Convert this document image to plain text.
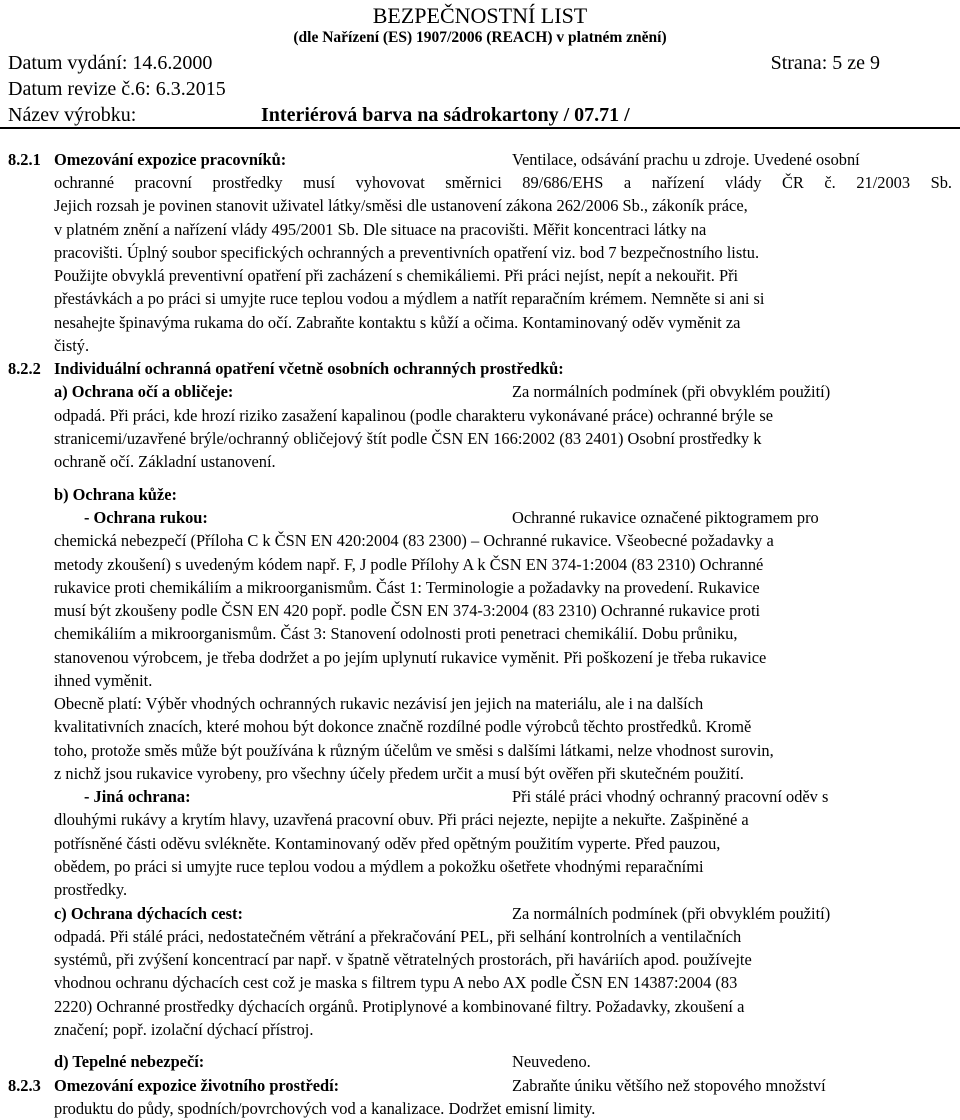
BEZPEČNOSTNÍ LIST
(dle Nařízení (ES) 1907/2006 (REACH) v platném znění)
Datum vydání: 14.6.2000	Strana: 5 ze 9
Datum revize č.6: 6.3.2015
Název výrobku:	Interiérová barva na sádrokartony / 07.71 /
8.2.1 Omezování expozice pracovníků:	Ventilace, odsávání prachu u zdroje. Uvedené osobní
ochranné pracovní prostředky musí vyhovovat směrnici 89/686/EHS a nařízení vlády ČR č. 21/2003 Sb.
Jejich rozsah je povinen stanovit uživatel látky/směsi dle ustanovení zákona 262/2006 Sb., zákoník práce,
v platném znění a nařízení vlády 495/2001 Sb. Dle situace na pracovišti. Měřit koncentraci látky na
pracovišti. Úplný soubor specifických ochranných a preventivních opatření viz. bod 7 bezpečnostního listu.
Použijte obvyklá preventivní opatření při zacházení s chemikáliemi. Při práci nejíst, nepít a nekouřit. Při
přestávkách a po práci si umyjte ruce teplou vodou a mýdlem a natřít reparačním krémem. Nemněte si ani si
nesahejte špinavýma rukama do očí. Zabraňte kontaktu s kůží a očima. Kontaminovaný oděv vyměnit za
čistý.
8.2.2 Individuální ochranná opatření včetně osobních ochranných prostředků:
a) Ochrana očí a obličeje:	Za normálních podmínek (při obvyklém použití)
odpadá. Při práci, kde hrozí riziko zasažení kapalinou (podle charakteru vykonávané práce) ochranné brýle se
stranicemi/uzavřené brýle/ochranný obličejový štít podle ČSN EN 166:2002 (83 2401) Osobní prostředky k
ochraně očí. Základní ustanovení.
b) Ochrana kůže:
- Ochrana rukou:	Ochranné rukavice označené piktogramem pro
chemická nebezpečí (Příloha C k ČSN EN 420:2004 (83 2300) – Ochranné rukavice. Všeobecné požadavky a
metody zkoušení) s uvedeným kódem např. F, J podle Přílohy A k ČSN EN 374-1:2004 (83 2310) Ochranné
rukavice proti chemikáliím a mikroorganismům. Část 1: Terminologie a požadavky na provedení. Rukavice
musí být zkoušeny podle ČSN EN 420 popř. podle ČSN EN 374-3:2004 (83 2310) Ochranné rukavice proti
chemikáliím a mikroorganismům. Část 3: Stanovení odolnosti proti penetraci chemikálií. Dobu průniku,
stanovenou výrobcem, je třeba dodržet a po jejím uplynutí rukavice vyměnit. Při poškození je třeba rukavice
ihned vyměnit.
Obecně platí: Výběr vhodných ochranných rukavic nezávisí jen jejich na materiálu, ale i na dalších
kvalitativních znacích, které mohou být dokonce značně rozdílné podle výrobců těchto prostředků. Kromě
toho, protože směs může být používána k různým účelům ve směsi s dalšími látkami, nelze vhodnost surovin,
z nichž jsou rukavice vyrobeny, pro všechny účely předem určit a musí být ověřen při skutečném použití.
- Jiná ochrana:	Při stálé práci vhodný ochranný pracovní oděv s
dlouhými rukávy a krytím hlavy, uzavřená pracovní obuv. Při práci nejezte, nepijte a nekuřte. Zašpiněné a
potřísněné části oděvu svlékněte. Kontaminovaný oděv před opětným použitím vyperte. Před pauzou,
obědem, po práci si umyjte ruce teplou vodou a mýdlem a pokožku ošetřete vhodnými reparačními
prostředky.
c) Ochrana dýchacích cest:	Za normálních podmínek (při obvyklém použití)
odpadá. Při stálé práci, nedostatečném větrání a překračování PEL, při selhání kontrolních a ventilačních
systémů, při zvýšení koncentrací par např. v špatně větratelných prostorách, při haváriích apod. používejte
vhodnou ochranu dýchacích cest což je maska s filtrem typu A nebo AX podle ČSN EN 14387:2004 (83
2220) Ochranné prostředky dýchacích orgánů. Protiplynové a kombinované filtry. Požadavky, zkoušení a
značení; popř. izolační dýchací přístroj.
d) Tepelné nebezpečí:	Neuvedeno.
8.2.3 Omezování expozice životního prostředí:	Zabraňte úniku většího než stopového množství
produktu do půdy, spodních/povrchových vod a kanalizace. Dodržet emisní limity.
